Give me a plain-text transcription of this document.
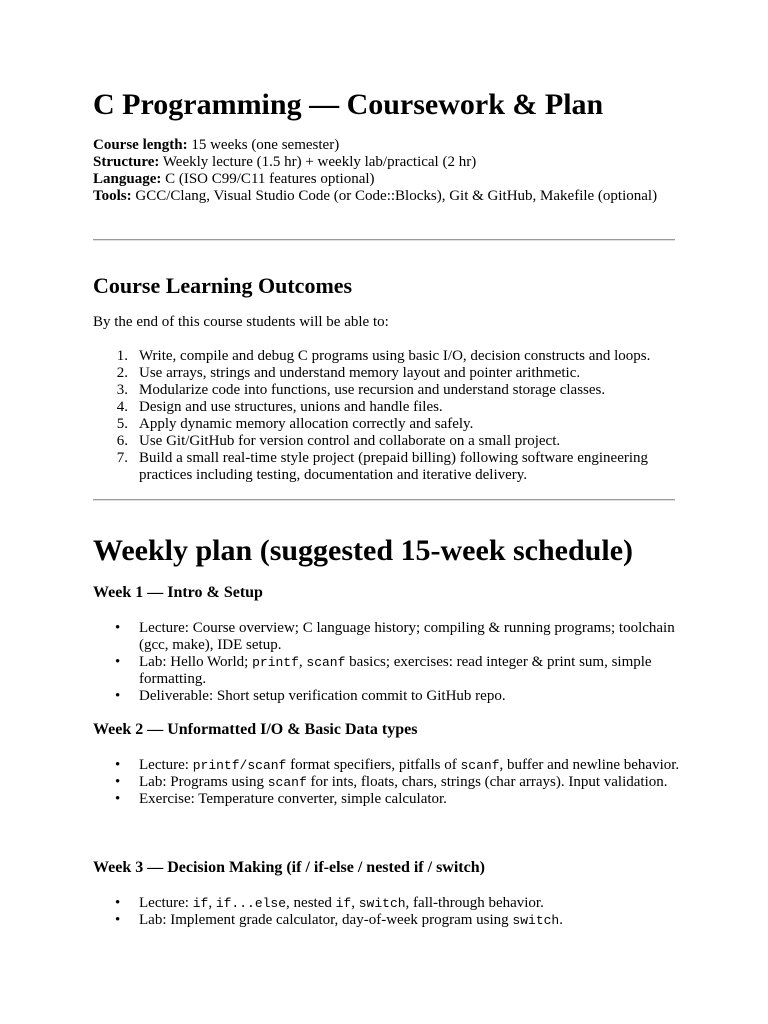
C Programming — Coursework & Plan
Course length: 15 weeks (one semester)
Structure: Weekly lecture (1.5 hr) + weekly lab/practical (2 hr)
Language: C (ISO C99/C11 features optional)
Tools: GCC/Clang, Visual Studio Code (or Code::Blocks), Git & GitHub, Makefile (optional)
Course Learning Outcomes
By the end of this course students will be able to:
1. Write, compile and debug C programs using basic I/O, decision constructs and loops.
2. Use arrays, strings and understand memory layout and pointer arithmetic.
3. Modularize code into functions, use recursion and understand storage classes.
4. Design and use structures, unions and handle files.
5. Apply dynamic memory allocation correctly and safely.
6. Use Git/GitHub for version control and collaborate on a small project.
7. Build a small real-time style project (prepaid billing) following software engineering practices including testing, documentation and iterative delivery.
Weekly plan (suggested 15-week schedule)
Week 1 — Intro & Setup
• Lecture: Course overview; C language history; compiling & running programs; toolchain (gcc, make), IDE setup.
• Lab: Hello World; printf, scanf basics; exercises: read integer & print sum, simple formatting.
• Deliverable: Short setup verification commit to GitHub repo.
Week 2 — Unformatted I/O & Basic Data types
• Lecture: printf/scanf format specifiers, pitfalls of scanf, buffer and newline behavior.
• Lab: Programs using scanf for ints, floats, chars, strings (char arrays). Input validation.
• Exercise: Temperature converter, simple calculator.
Week 3 — Decision Making (if / if-else / nested if / switch)
• Lecture: if, if...else, nested if, switch, fall-through behavior.
• Lab: Implement grade calculator, day-of-week program using switch.
